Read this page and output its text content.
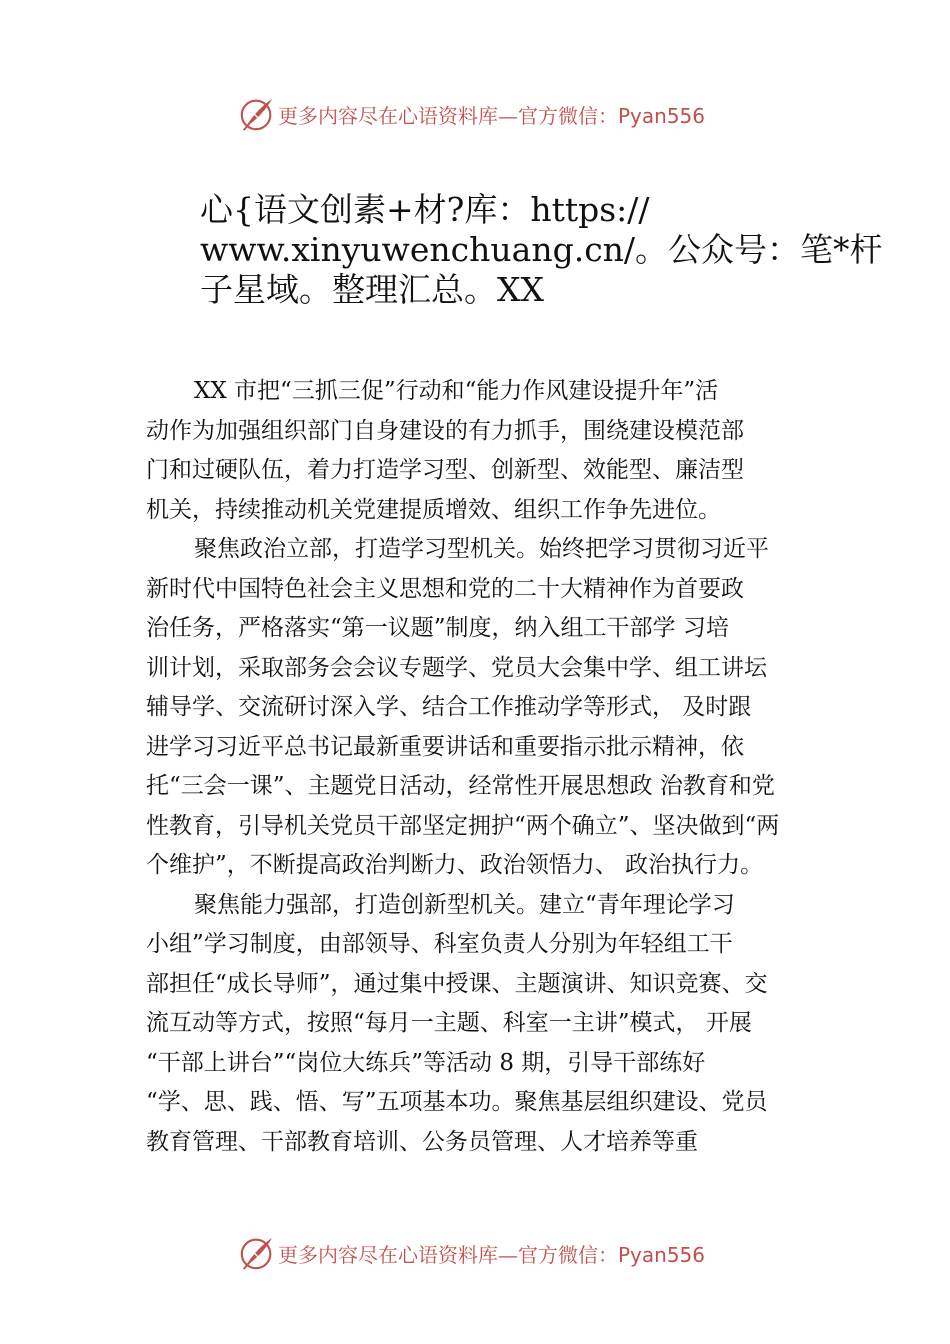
更多内容尽在心语资料库—官方微信：Pyan556
心{语文创素+材?库：https://
www.xinyuwenchuang.cn/。公众号：笔*杆
子星域。整理汇总。XX
XX 市把“三抓三促”行动和“能力作风建设提升年”活
动作为加强组织部门自身建设的有力抓手，围绕建设模范部
门和过硬队伍，着力打造学习型、创新型、效能型、廉洁型
机关，持续推动机关党建提质增效、组织工作争先进位。
聚焦政治立部，打造学习型机关。始终把学习贯彻习近平
新时代中国特色社会主义思想和党的二十大精神作为首要政
治任务，严格落实“第一议题”制度，纳入组工干部学 习培
训计划，采取部务会会议专题学、党员大会集中学、组工讲坛
辅导学、交流研讨深入学、结合工作推动学等形式， 及时跟
进学习习近平总书记最新重要讲话和重要指示批示精神，依
托“三会一课”、主题党日活动，经常性开展思想政 治教育和党
性教育，引导机关党员干部坚定拥护“两个确立”、坚决做到“两
个维护”，不断提高政治判断力、政治领悟力、 政治执行力。
聚焦能力强部，打造创新型机关。建立“青年理论学习
小组”学习制度，由部领导、科室负责人分别为年轻组工干
部担任“成长导师”，通过集中授课、主题演讲、知识竞赛、交
流互动等方式，按照“每月一主题、科室一主讲”模式， 开展
“干部上讲台”“岗位大练兵”等活动 8 期，引导干部练好
“学、思、践、悟、写”五项基本功。聚焦基层组织建设、党员
教育管理、干部教育培训、公务员管理、人才培养等重
更多内容尽在心语资料库—官方微信：Pyan556
